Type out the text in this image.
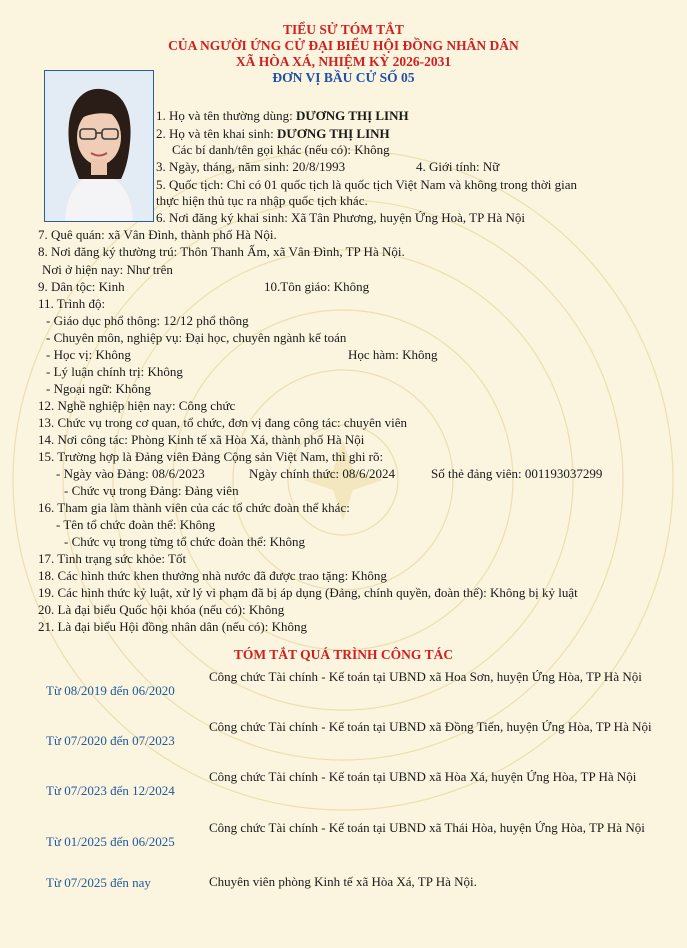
TIỂU SỬ TÓM TẮT
CỦA NGƯỜI ỨNG CỬ ĐẠI BIỂU HỘI ĐỒNG NHÂN DÂN
XÃ HÒA XÁ, NHIỆM KỲ 2026-2031
ĐƠN VỊ BẦU CỬ SỐ 05
1. Họ và tên thường dùng: DƯƠNG THỊ LINH
2. Họ và tên khai sinh: DƯƠNG THỊ LINH
Các bí danh/tên gọi khác (nếu có): Không
3. Ngày, tháng, năm sinh: 20/8/1993	4. Giới tính: Nữ
5. Quốc tịch: Chỉ có 01 quốc tịch là quốc tịch Việt Nam và không trong thời gian
thực hiện thủ tục ra nhập quốc tịch khác.
6. Nơi đăng ký khai sinh: Xã Tân Phương, huyện Ứng Hoà, TP Hà Nội
7. Quê quán: xã Vân Đình, thành phố Hà Nội.
8. Nơi đăng ký thường trú: Thôn Thanh Ấm, xã Vân Đình, TP Hà Nội.
Nơi ở hiện nay: Như trên
9. Dân tộc: Kinh	10.Tôn giáo: Không
11. Trình độ:
- Giáo dục phổ thông: 12/12 phổ thông
- Chuyên môn, nghiệp vụ: Đại học, chuyên ngành kế toán
- Học vị: Không	Học hàm: Không
- Lý luận chính trị: Không
- Ngoại ngữ: Không
12. Nghề nghiệp hiện nay: Công chức
13. Chức vụ trong cơ quan, tổ chức, đơn vị đang công tác: chuyên viên
14. Nơi công tác: Phòng Kinh tế xã Hòa Xá, thành phố Hà Nội
15. Trường hợp là Đảng viên Đảng Cộng sản Việt Nam, thì ghi rõ:
- Ngày vào Đảng: 08/6/2023	Ngày chính thức: 08/6/2024	Số thẻ đảng viên: 001193037299
- Chức vụ trong Đảng: Đảng viên
16. Tham gia làm thành viên của các tổ chức đoàn thể khác:
- Tên tổ chức đoàn thể: Không
- Chức vụ trong từng tổ chức đoàn thể: Không
17. Tình trạng sức khỏe: Tốt
18. Các hình thức khen thưởng nhà nước đã được trao tặng: Không
19. Các hình thức kỷ luật, xử lý vi phạm đã bị áp dụng (Đảng, chính quyền, đoàn thể): Không bị kỷ luật
20. Là đại biểu Quốc hội khóa (nếu có): Không
21. Là đại biểu Hội đồng nhân dân (nếu có): Không
TÓM TẮT QUÁ TRÌNH CÔNG TÁC
Từ 08/2019 đến 06/2020
Công chức Tài chính - Kế toán tại UBND xã Hoa Sơn, huyện Ứng Hòa, TP Hà Nội
Từ 07/2020 đến 07/2023
Công chức Tài chính - Kế toán tại UBND xã Đồng Tiến, huyện Ứng Hòa, TP Hà Nội
Từ 07/2023 đến 12/2024
Công chức Tài chính - Kế toán tại UBND xã Hòa Xá, huyện Ứng Hòa, TP Hà Nội
Từ 01/2025 đến 06/2025
Công chức Tài chính - Kế toán tại UBND xã Thái Hòa, huyện Ứng Hòa, TP Hà Nội
Từ 07/2025 đến nay	Chuyên viên phòng Kinh tế xã Hòa Xá, TP Hà Nội.
